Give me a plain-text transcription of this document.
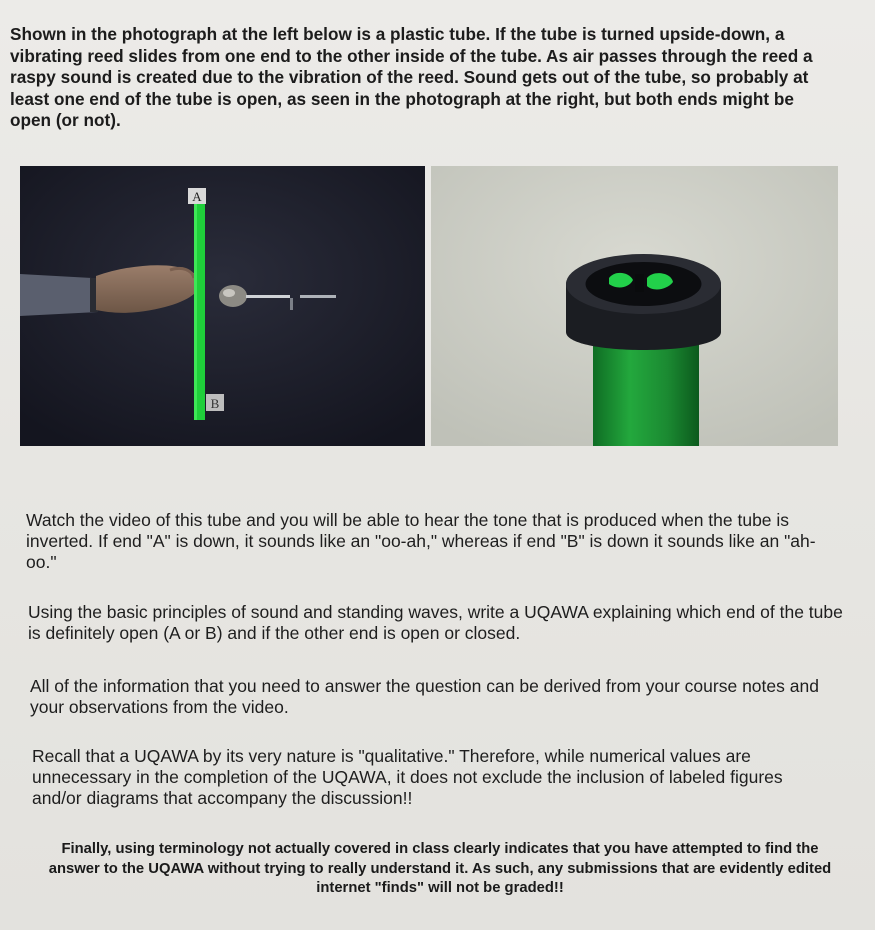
Shown in the photograph at the left below is a plastic tube. If the tube is turned upside-down, a vibrating reed slides from one end to the other inside of the tube. As air passes through the reed a raspy sound is created due to the vibration of the reed. Sound gets out of the tube, so probably at least one end of the tube is open, as seen in the photograph at the right, but both ends might be open (or not).
A
B
Watch the video of this tube and you will be able to hear the tone that is produced when the tube is inverted. If end "A" is down, it sounds like an "oo-ah," whereas if end "B" is down it sounds like an "ah-oo."
Using the basic principles of sound and standing waves, write a UQAWA explaining which end of the tube is definitely open (A or B) and if the other end is open or closed.
All of the information that you need to answer the question can be derived from your course notes and your observations from the video.
Recall that a UQAWA by its very nature is "qualitative." Therefore, while numerical values are unnecessary in the completion of the UQAWA, it does not exclude the inclusion of labeled figures and/or diagrams that accompany the discussion!!
Finally, using terminology not actually covered in class clearly indicates that you have attempted to find the answer to the UQAWA without trying to really understand it. As such, any submissions that are evidently edited internet "finds" will not be graded!!
